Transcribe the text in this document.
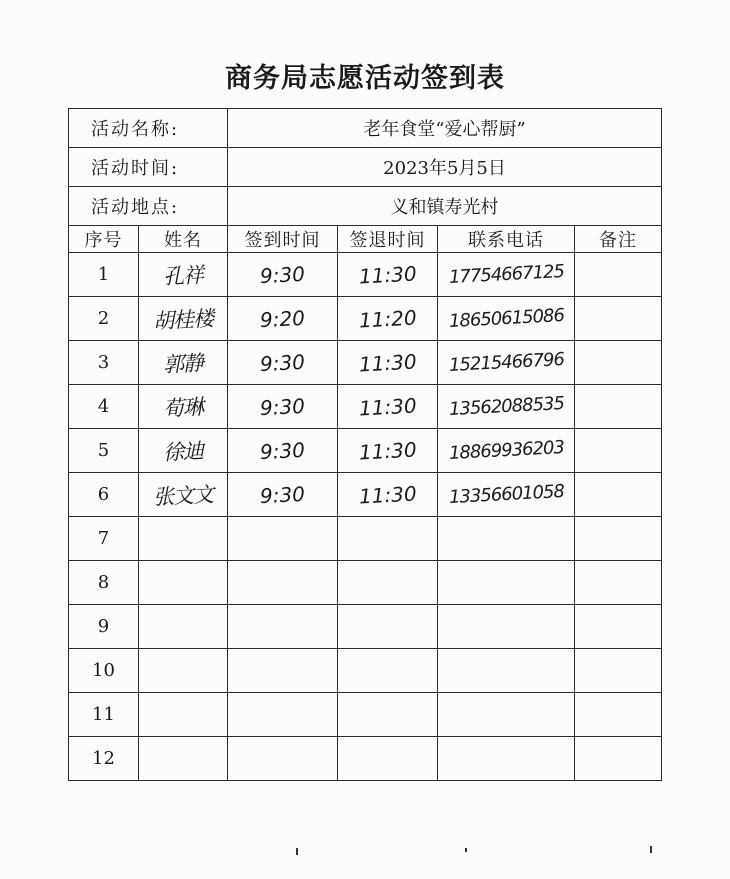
商务局志愿活动签到表
活动名称:		老年食堂“爱心帮厨”			
活动时间:		2023年5月5日			
活动地点:		义和镇寿光村			
序号	姓名	签到时间	签退时间	联系电话	备注
1	孔祥	9:30	11:30	17754667125	
2	胡桂楼	9:20	11:20	18650615086	
3	郭静	9:30	11:30	15215466796	
4	荀琳	9:30	11:30	13562088535	
5	徐迪	9:30	11:30	18869936203	
6	张文文	9:30	11:30	13356601058	
7					
8					
9					
10					
11					
12					
